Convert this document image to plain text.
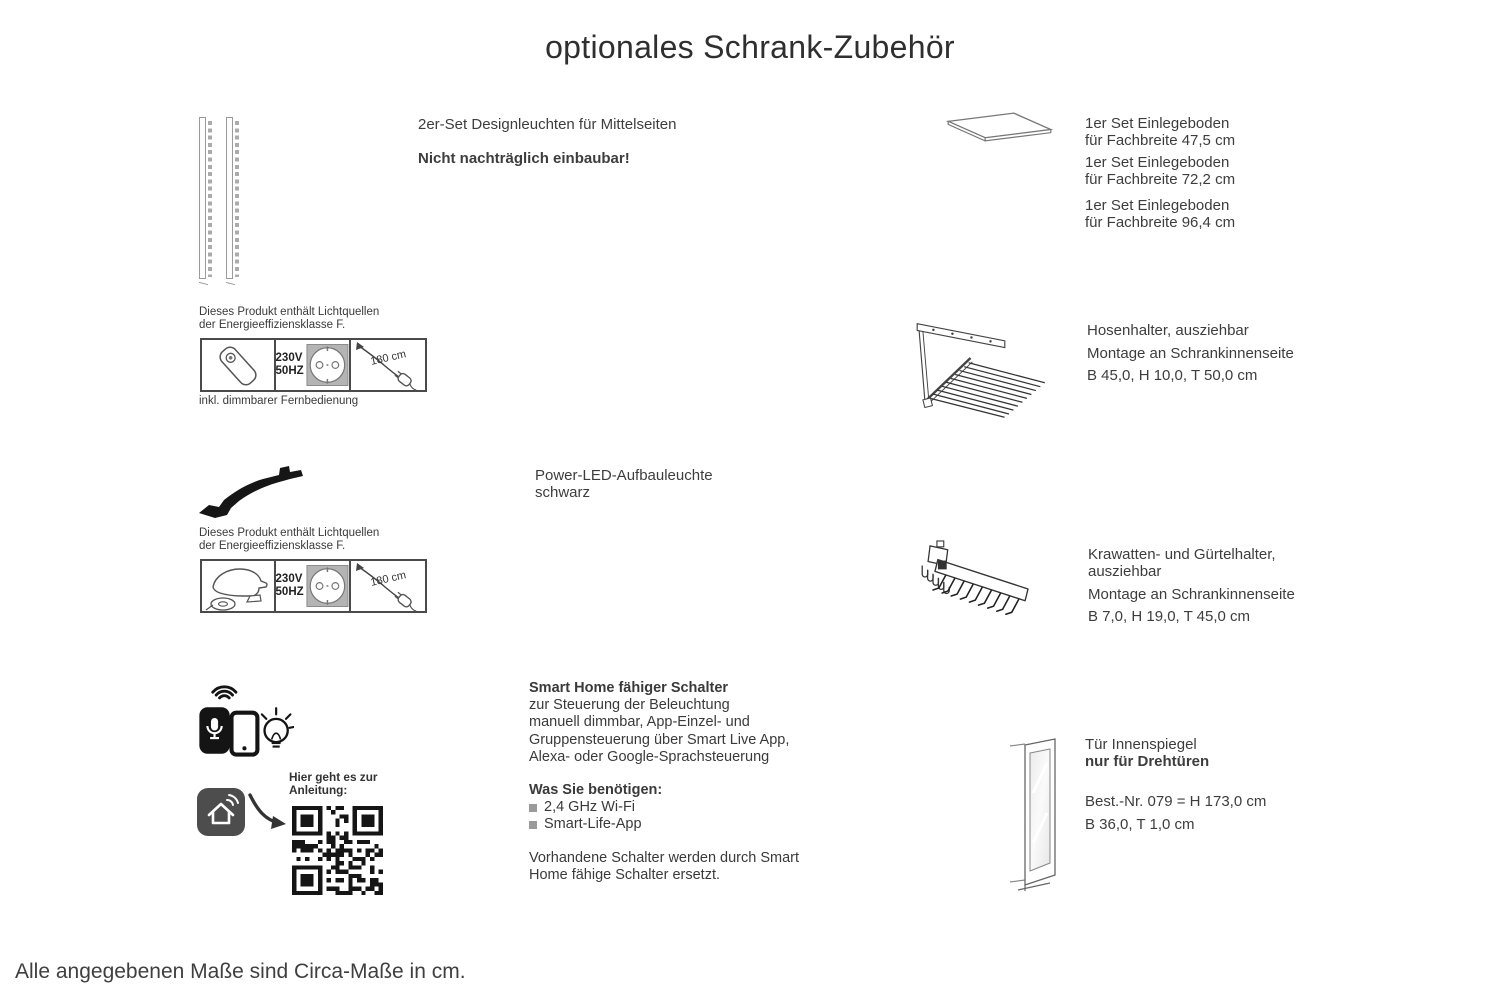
optionales Schrank-Zubehör
2er-Set Designleuchten für Mittelseiten
Nicht nachträglich einbaubar!
Dieses Produkt enthält Lichtquellen
der Energieeffiziensklasse F.
230V
50HZ
180 cm
inkl. dimmbarer Fernbedienung
Power-LED-Aufbauleuchte
schwarz
Dieses Produkt enthält Lichtquellen
der Energieeffiziensklasse F.
230V
50HZ
180 cm
Smart Home fähiger Schalter
zur Steuerung der Beleuchtung
manuell dimmbar, App-Einzel- und
Gruppensteuerung über Smart Live App,
Alexa- oder Google-Sprachsteuerung
Was Sie benötigen:
2,4 GHz Wi-Fi
Smart-Life-App
Vorhandene Schalter werden durch Smart
Home fähige Schalter ersetzt.
Hier geht es zur
Anleitung:
1er Set Einlegeboden
für Fachbreite 47,5 cm
1er Set Einlegeboden
für Fachbreite 72,2 cm
1er Set Einlegeboden
für Fachbreite 96,4 cm
Hosenhalter, ausziehbar
Montage an Schrankinnenseite
B 45,0, H 10,0, T 50,0 cm
Krawatten- und Gürtelhalter,
ausziehbar
Montage an Schrankinnenseite
B 7,0, H 19,0, T 45,0 cm
Tür Innenspiegel
nur für Drehtüren
Best.-Nr. 079 = H 173,0 cm
B 36,0, T 1,0 cm
Alle angegebenen Maße sind Circa-Maße in cm.
